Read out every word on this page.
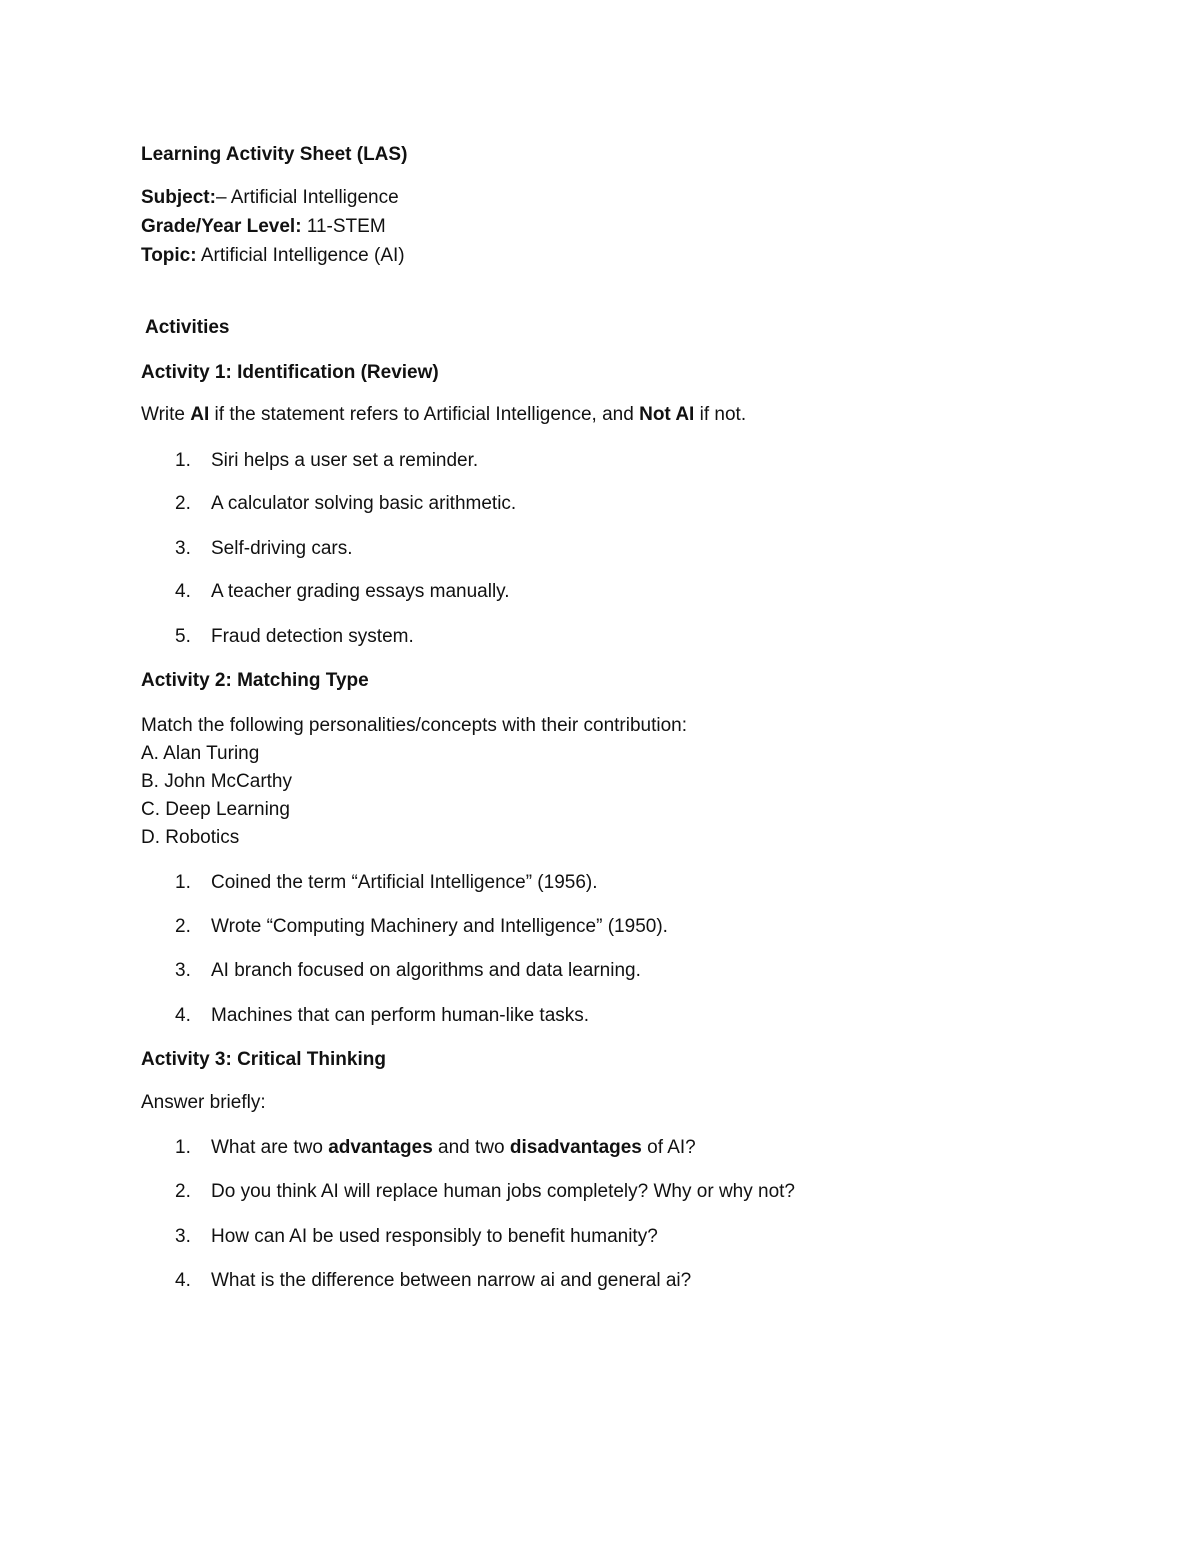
Learning Activity Sheet (LAS)
Subject:– Artificial Intelligence
Grade/Year Level: 11-STEM
Topic: Artificial Intelligence (AI)
Activities
Activity 1: Identification (Review)
Write AI if the statement refers to Artificial Intelligence, and Not AI if not.
1.	Siri helps a user set a reminder.
2.	A calculator solving basic arithmetic.
3.	Self-driving cars.
4.	A teacher grading essays manually.
5.	Fraud detection system.
Activity 2: Matching Type
Match the following personalities/concepts with their contribution:
A. Alan Turing
B. John McCarthy
C. Deep Learning
D. Robotics
1.	Coined the term “Artificial Intelligence” (1956).
2.	Wrote “Computing Machinery and Intelligence” (1950).
3.	AI branch focused on algorithms and data learning.
4.	Machines that can perform human-like tasks.
Activity 3: Critical Thinking
Answer briefly:
1.	What are two advantages and two disadvantages of AI?
2.	Do you think AI will replace human jobs completely? Why or why not?
3.	How can AI be used responsibly to benefit humanity?
4.	What is the difference between narrow ai and general ai?
